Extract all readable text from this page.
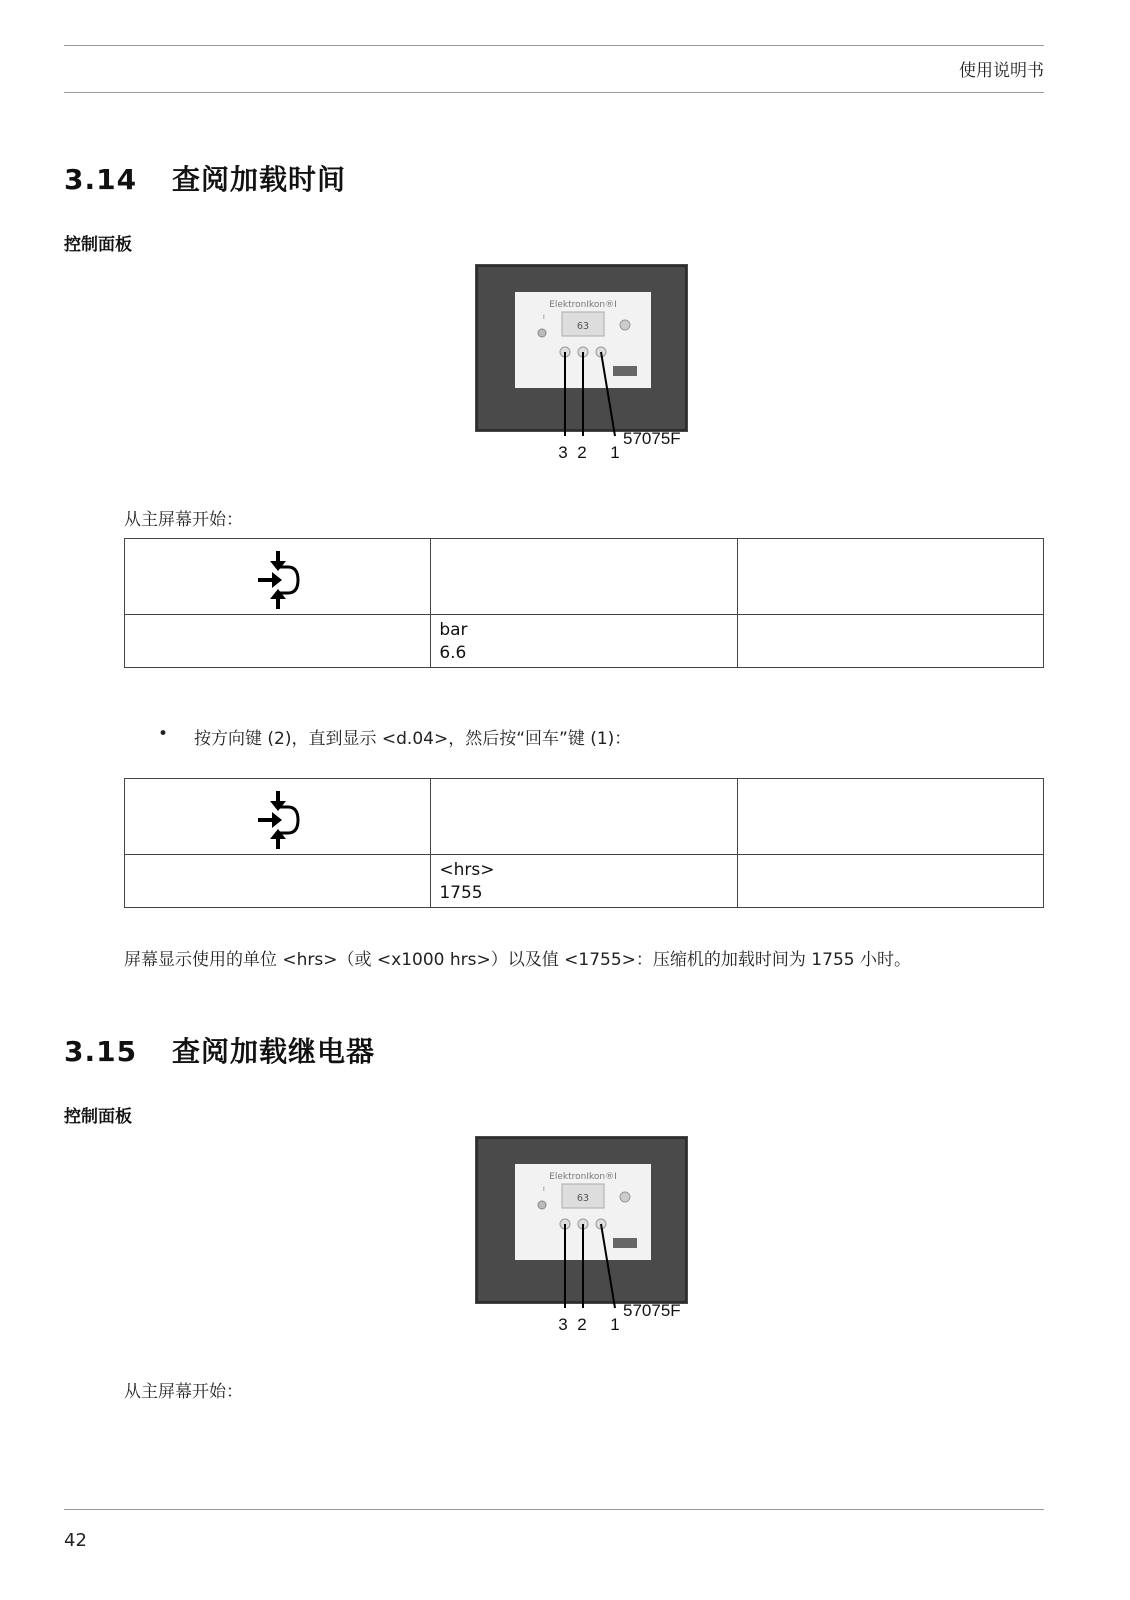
使用说明书
3.14 查阅加载时间
控制面板
ElektronIkon®I
I
63
3 2 1
57075F
从主屏幕开始：

	bar
6.6	

• 按方向键 (2)，直到显示 <d.04>，然后按“回车”键 (1)：

	<hrs>
1755	

屏幕显示使用的单位 <hrs>（或 <x1000 hrs>）以及值 <1755>：压缩机的加载时间为 1755 小时。
3.15 查阅加载继电器
控制面板
ElektronIkon®I
I
63
3 2 1
57075F
从主屏幕开始：
42
